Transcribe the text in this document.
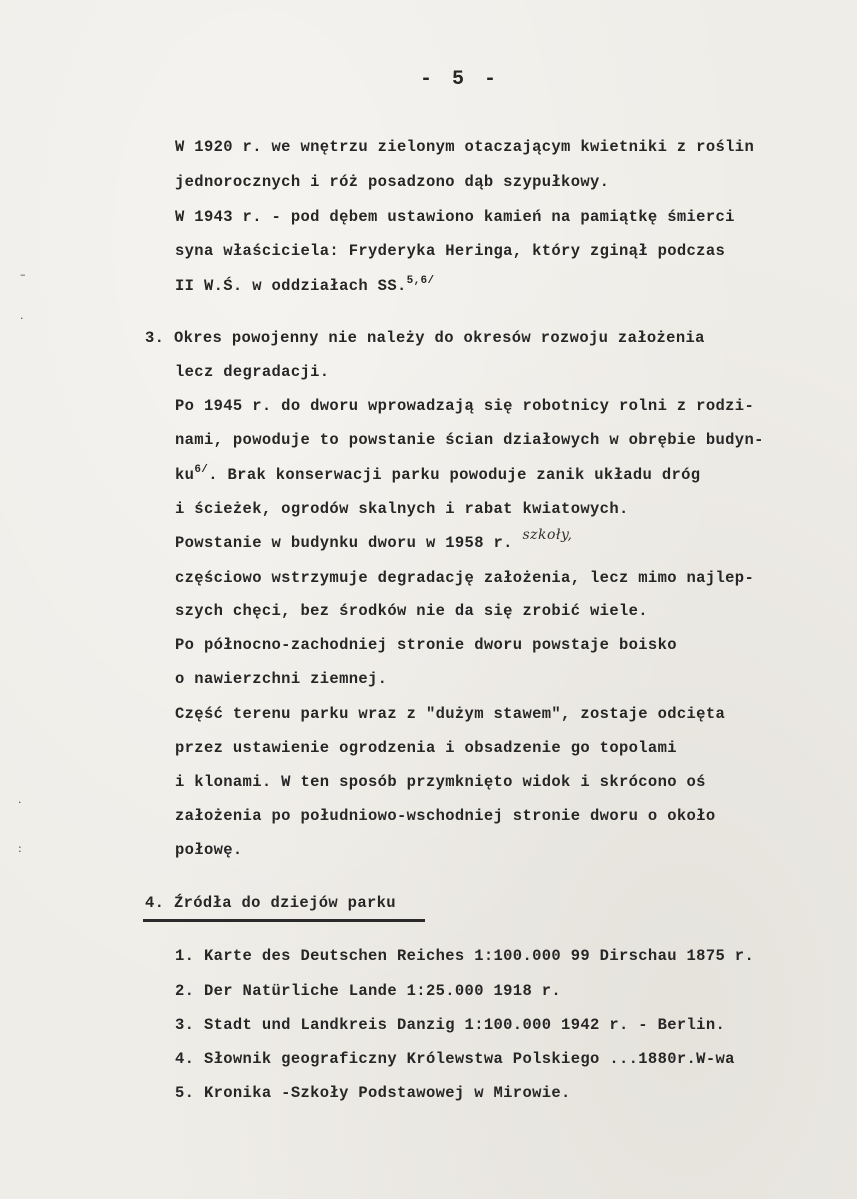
- 5 -
W 1920 r. we wnętrzu zielonym otaczającym kwietniki z roślin
jednorocznych i róż posadzono dąb szypułkowy.
W 1943 r. - pod dębem ustawiono kamień na pamiątkę śmierci
syna właściciela: Fryderyka Heringa, który zginął podczas
II W.Ś. w oddziałach SS.$^{5,6/}$
3. Okres powojenny nie należy do okresów rozwoju założenia
lecz degradacji.
Po 1945 r. do dworu wprowadzają się robotnicy rolni z rodzi-
nami, powoduje to powstanie ścian działowych w obrębie budyn-
$ku^{6/}$. Brak konserwacji parku powoduje zanik układu dróg
i ścieżek, ogrodów skalnych i rabat kwiatowych.
Powstanie w budynku dworu w 1958 r. szkoły,
częściowo wstrzymuje degradację założenia, lecz mimo najlep-
szych chęci, bez środków nie da się zrobić wiele.
Po północno-zachodniej stronie dworu powstaje boisko
o nawierzchni ziemnej.
Część terenu parku wraz z "dużym stawem", zostaje odcięta
przez ustawienie ogrodzenia i obsadzenie go topolami
i klonami. W ten sposób przymknięto widok i skrócono oś
założenia po południowo-wschodniej stronie dworu o około
połowę.
4. Źródła do dziejów parku
1. Karte des Deutschen Reiches 1:100.000 99 Dirschau 1875 r.
2. Der Natürliche Lande 1:25.000 1918 r.
3. Stadt und Landkreis Danzig 1:100.000 1942 r. - Berlin.
4. Słownik geograficzny Królewstwa Polskiego ...1880r.W-wa
5. Kronika -Szkoły Podstawowej w Mirowie.
–
·
·
:
